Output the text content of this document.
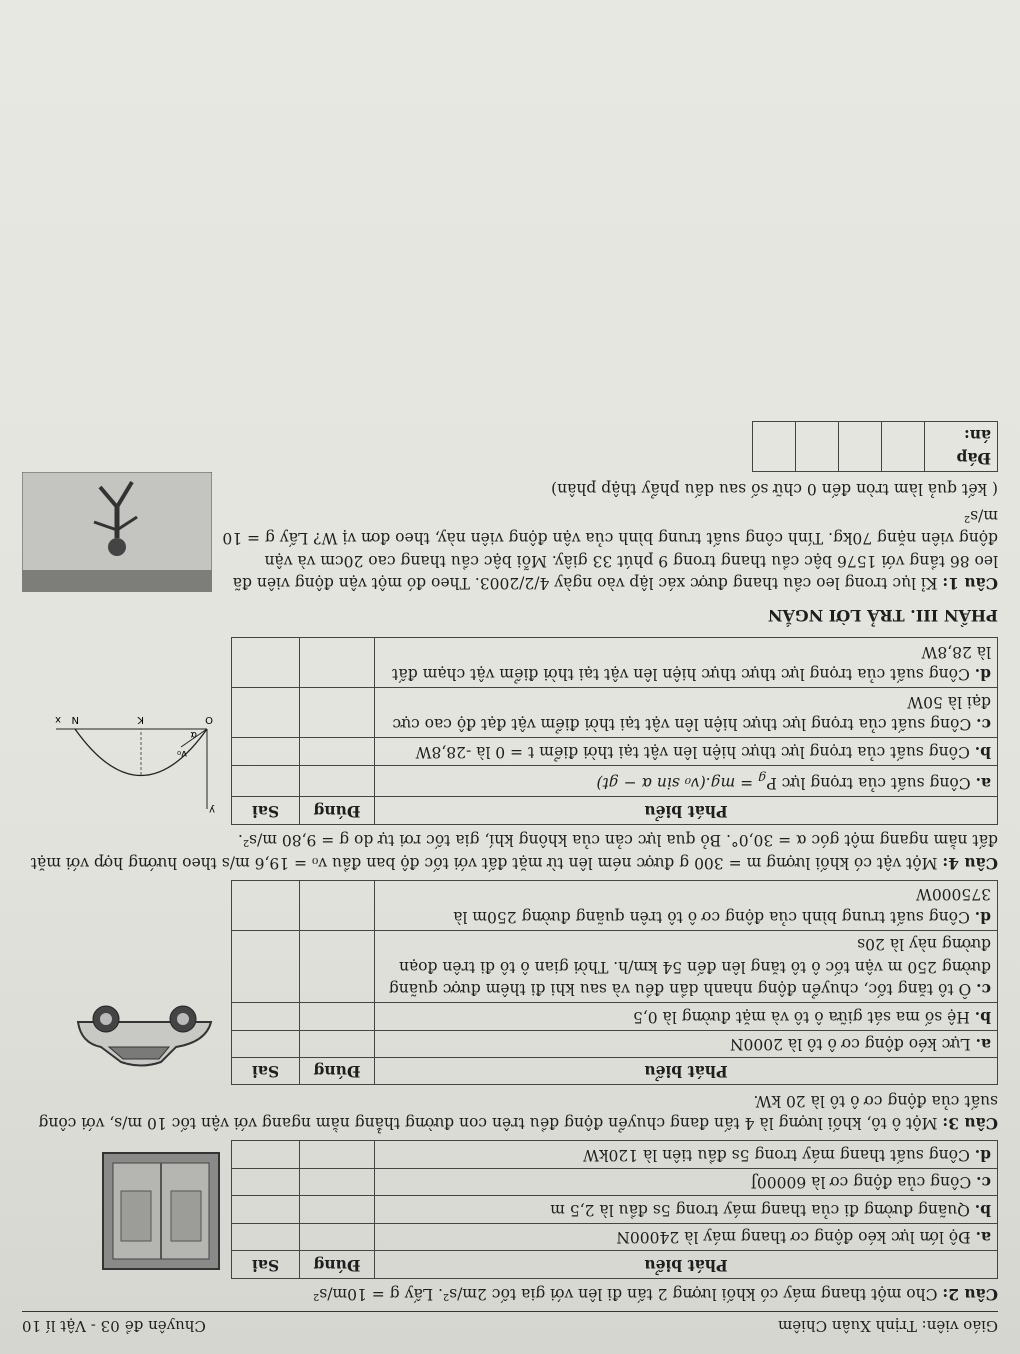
Giáo viên: Trịnh Xuân Chiêm
Chuyên đề 03 - Vật lí 10
Câu 2: Cho một thang máy có khối lượng 2 tấn đi lên với gia tốc 2m/s². Lấy g = 10m/s²
Phát biểu	Đúng	Sai
a. Độ lớn lực kéo động cơ thang máy là 24000N		
b. Quãng đường đi của thang máy trong 5s đầu là 2,5 m		
c. Công của động cơ là 60000J		
d. Công suất thang máy trong 5s đầu tiên là 120kW		
Câu 3: Một ô tô, khối lượng là 4 tấn đang chuyển động đều trên con đường thẳng nằm ngang với vận tốc 10 m/s, với công suất của động cơ ô tô là 20 kW.
Phát biểu	Đúng	Sai
a. Lực kéo động cơ ô tô là 2000N		
b. Hệ số ma sát giữa ô tô và mặt đường là 0,5		
c. Ô tô tăng tốc, chuyển động nhanh dần đều và sau khi đi thêm được quãng đường 250 m vận tốc ô tô tăng lên đến 54 km/h. Thời gian ô tô đi trên đoạn đường này là 20s		
d. Công suất trung bình của động cơ ô tô trên quãng đường 250m là 375000W		
Câu 4: Một vật có khối lượng m = 300 g được ném lên từ mặt đất với tốc độ ban đầu v₀ = 19,6 m/s theo hướng hợp với mặt đất nằm ngang một góc α = 30,0°. Bỏ qua lực cản của không khí, gia tốc rơi tự do g = 9,80 m/s².
Phát biểu	Đúng	Sai
a. Công suất của trọng lực $P_g = mg.(v_0$ sin α − gt)		
b. Công suất của trọng lực thực hiện lên vật tại thời điểm t = 0 là -28,8W		
c. Công suất của trọng lực thực hiện lên vật tại thời điểm vật đạt độ cao cực đại là 50W		
d. Công suất của trọng lực thực thực hiện lên vật tại thời điểm vật chạm đất là 28,8W		
O
y
x	K
N
v₀
α
PHẦN III. TRẢ LỜI NGẮN
Câu 1: Kỉ lục trong leo cầu thang được xác lập vào ngày 4/2/2003. Theo đó một vận động viên đã leo 86 tầng với 1576 bậc cầu thang trong 9 phút 33 giây. Mỗi bậc cầu thang cao 20cm và vận động viên nặng 70kg. Tính công suất trung bình của vận động viên này, theo đơn vị W? Lấy g = 10 m/s²
( kết quả làm tròn đến 0 chữ số sau dấu phẩy thập phân)
Đáp án:				
